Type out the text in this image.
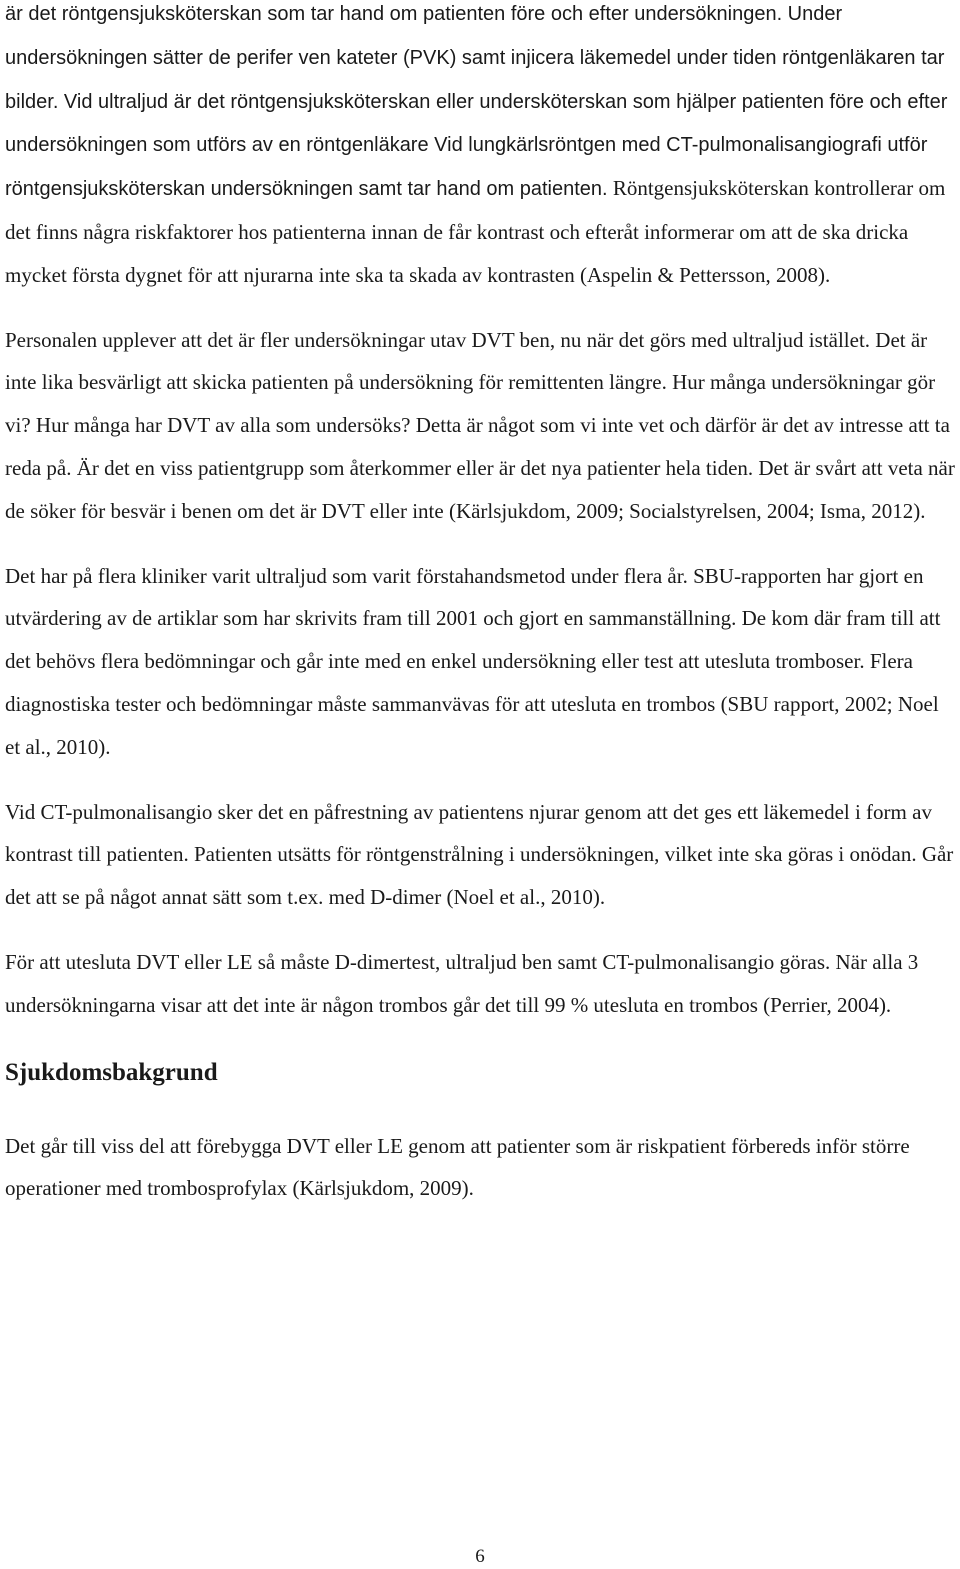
är det röntgensjuksköterskan som tar hand om patienten före och efter undersökningen. Under undersökningen sätter de perifer ven kateter (PVK) samt injicera läkemedel under tiden röntgenläkaren tar bilder. Vid ultraljud är det röntgensjuksköterskan eller undersköterskan som hjälper patienten före och efter undersökningen som utförs av en röntgenläkare Vid lungkärlsröntgen med CT-pulmonalisangiografi utför röntgensjuksköterskan undersökningen samt tar hand om patienten. Röntgensjuksköterskan kontrollerar om det finns några riskfaktorer hos patienterna innan de får kontrast och efteråt informerar om att de ska dricka mycket första dygnet för att njurarna inte ska ta skada av kontrasten (Aspelin & Pettersson, 2008).

Personalen upplever att det är fler undersökningar utav DVT ben, nu när det görs med ultraljud istället. Det är inte lika besvärligt att skicka patienten på undersökning för remittenten längre. Hur många undersökningar gör vi? Hur många har DVT av alla som undersöks? Detta är något som vi inte vet och därför är det av intresse att ta reda på. Är det en viss patientgrupp som återkommer eller är det nya patienter hela tiden. Det är svårt att veta när de söker för besvär i benen om det är DVT eller inte (Kärlsjukdom, 2009; Socialstyrelsen, 2004; Isma, 2012).

Det har på flera kliniker varit ultraljud som varit förstahandsmetod under flera år. SBU-rapporten har gjort en utvärdering av de artiklar som har skrivits fram till 2001 och gjort en sammanställning. De kom där fram till att det behövs flera bedömningar och går inte med en enkel undersökning eller test att utesluta tromboser. Flera diagnostiska tester och bedömningar måste sammanvävas för att utesluta en trombos (SBU rapport, 2002; Noel et al., 2010).

Vid CT-pulmonalisangio sker det en påfrestning av patientens njurar genom att det ges ett läkemedel i form av kontrast till patienten. Patienten utsätts för röntgenstrålning i undersökningen, vilket inte ska göras i onödan. Går det att se på något annat sätt som t.ex. med D-dimer (Noel et al., 2010).

För att utesluta DVT eller LE så måste D-dimertest, ultraljud ben samt CT-pulmonalisangio göras. När alla 3 undersökningarna visar att det inte är någon trombos går det till 99 % utesluta en trombos (Perrier, 2004).

Sjukdomsbakgrund

Det går till viss del att förebygga DVT eller LE genom att patienter som är riskpatient förbereds inför större operationer med trombosprofylax (Kärlsjukdom, 2009).

6
